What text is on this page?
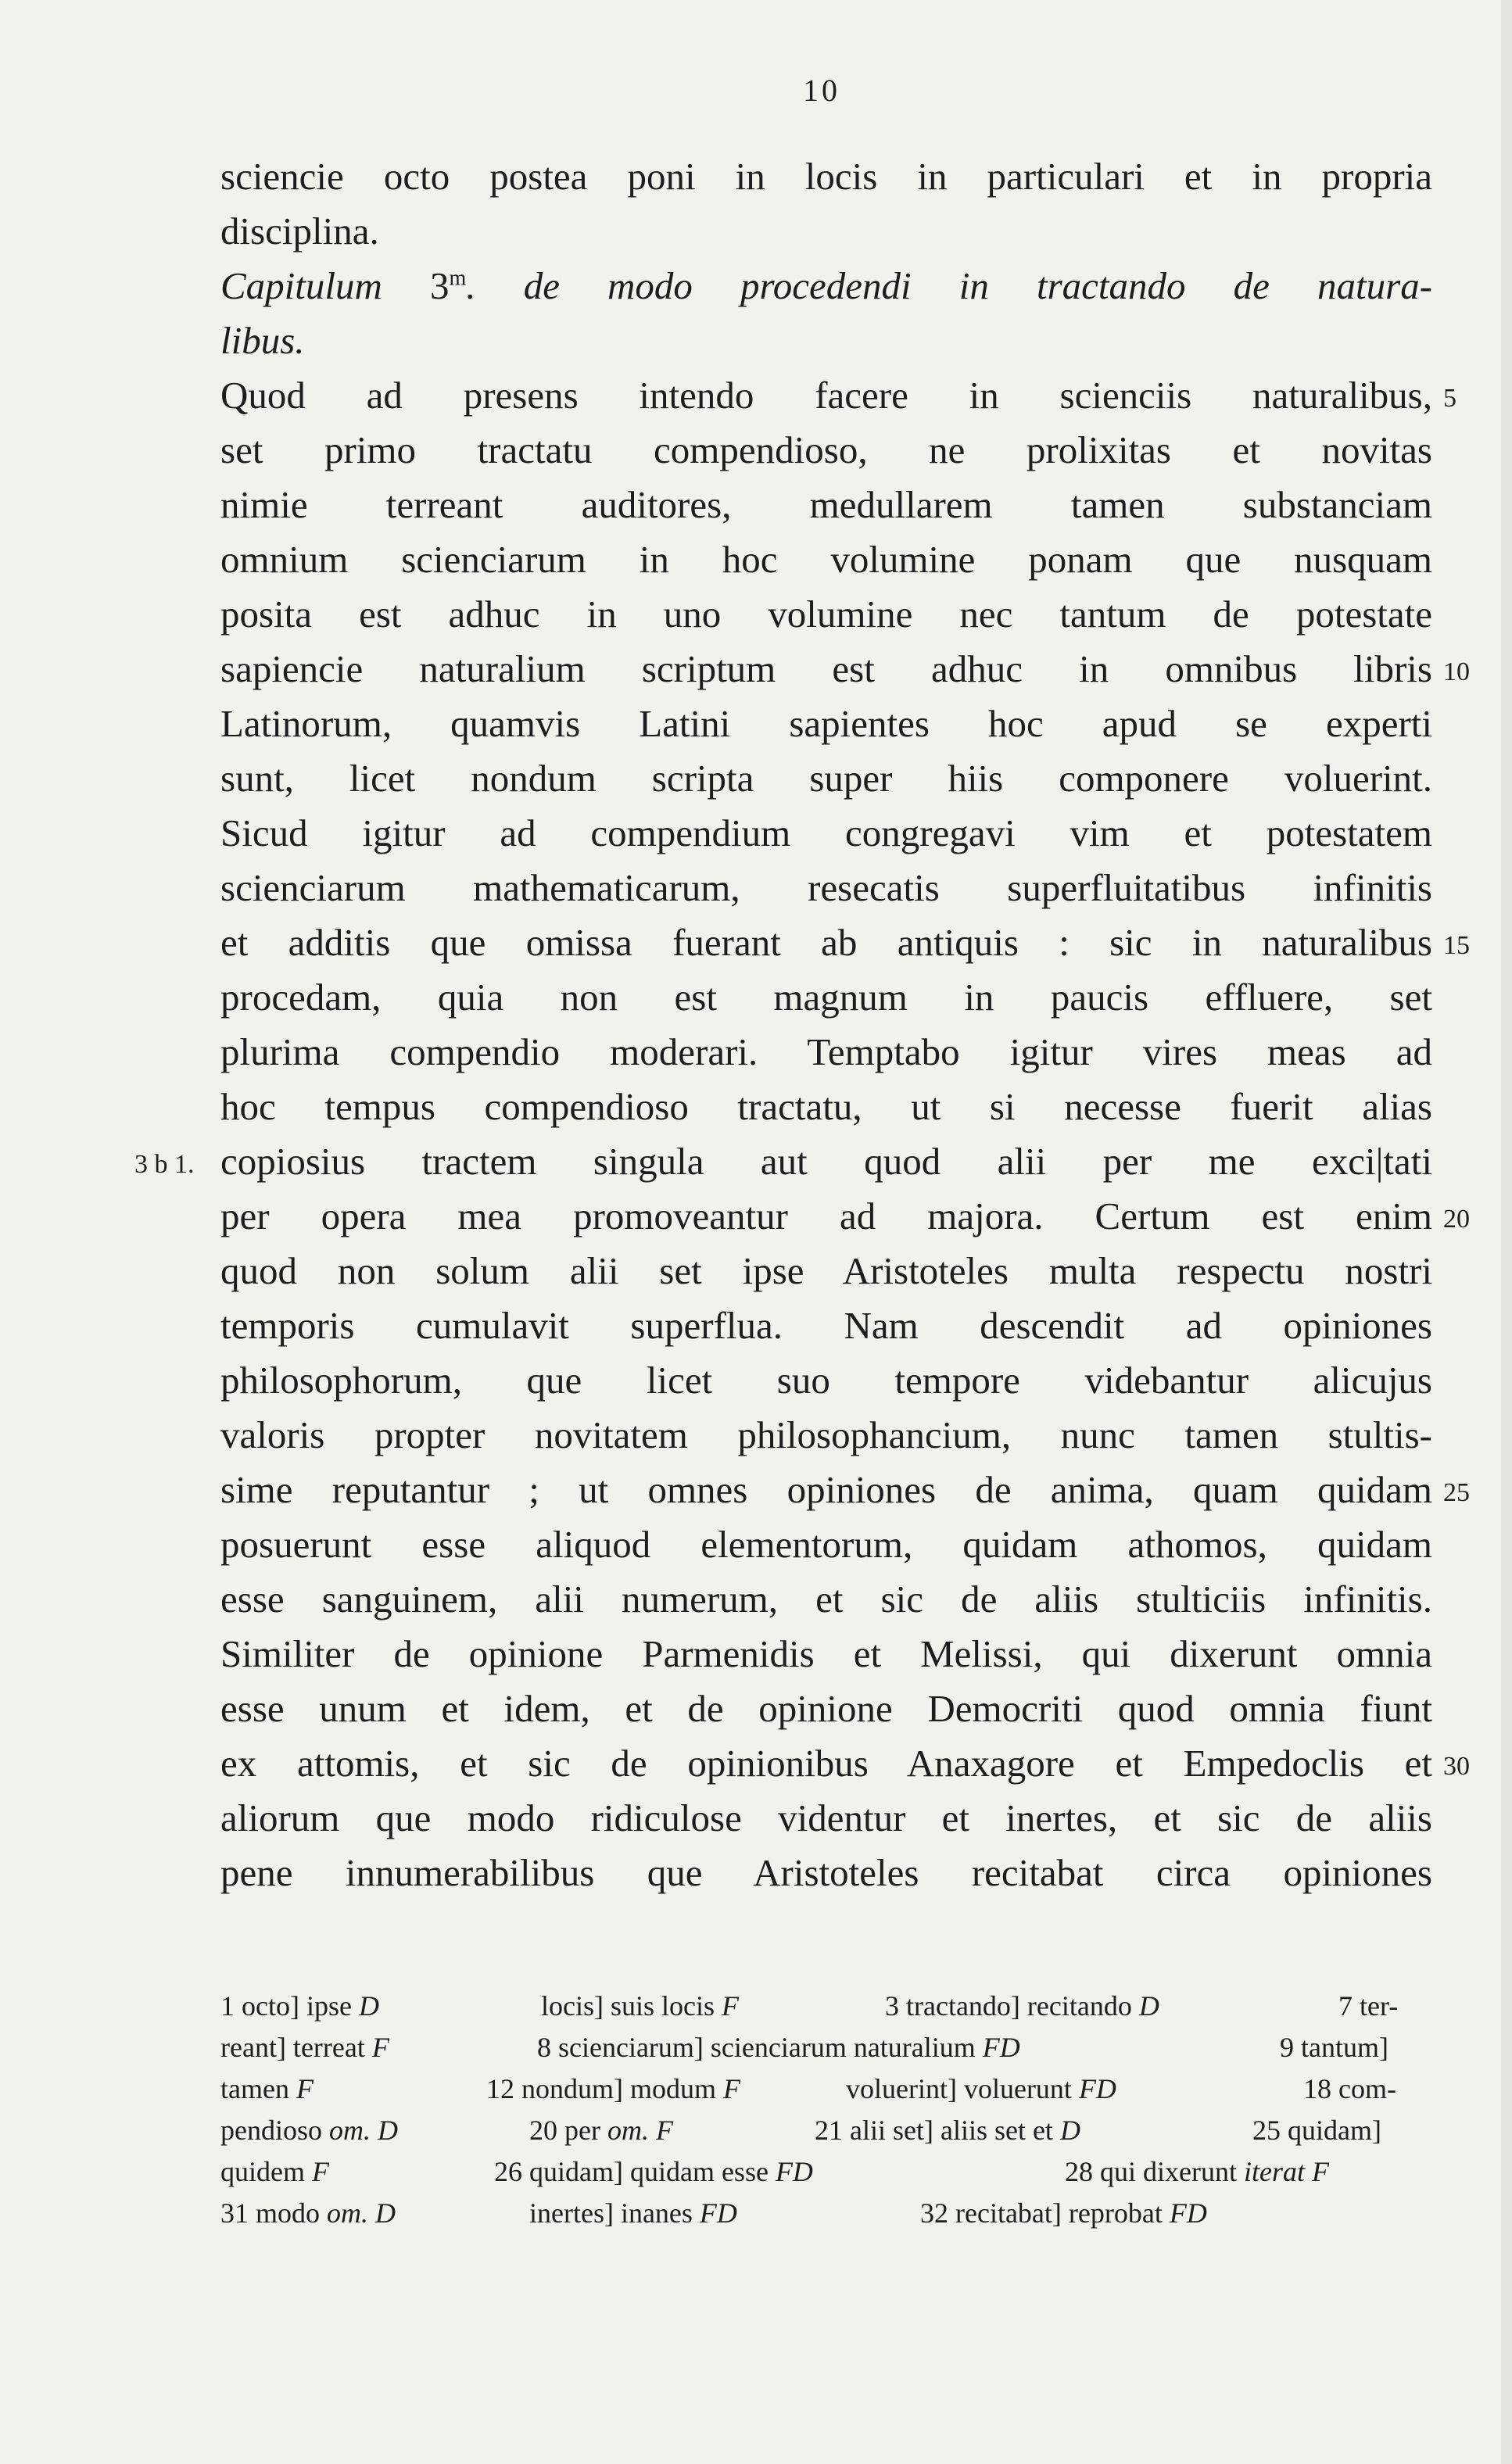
10
sciencie octo postea poni in locis in particulari et in propria
disciplina.
Capitulum 3$^m$. de modo procedendi in tractando de natura-
libus.
Quod ad presens intendo facere in scienciis naturalibus, 5
set primo tractatu compendioso, ne prolixitas et novitas
nimie terreant auditores, medullarem tamen substanciam
omnium scienciarum in hoc volumine ponam que nusquam
posita est adhuc in uno volumine nec tantum de potestate
sapiencie naturalium scriptum est adhuc in omnibus libris 10
Latinorum, quamvis Latini sapientes hoc apud se experti
sunt, licet nondum scripta super hiis componere voluerint.
Sicud igitur ad compendium congregavi vim et potestatem
scienciarum mathematicarum, resecatis superfluitatibus infinitis
et additis que omissa fuerant ab antiquis : sic in naturalibus 15
procedam, quia non est magnum in paucis effluere, set
plurima compendio moderari. Temptabo igitur vires meas ad
hoc tempus compendioso tractatu, ut si necesse fuerit alias
copiosius tractem singula aut quod alii per me exci|tati
3 b 1.
per opera mea promoveantur ad majora. Certum est enim 20
quod non solum alii set ipse Aristoteles multa respectu nostri
temporis cumulavit superflua. Nam descendit ad opiniones
philosophorum, que licet suo tempore videbantur alicujus
valoris propter novitatem philosophancium, nunc tamen stultis-
sime reputantur ; ut omnes opiniones de anima, quam quidam 25
posuerunt esse aliquod elementorum, quidam athomos, quidam
esse sanguinem, alii numerum, et sic de aliis stulticiis infinitis.
Similiter de opinione Parmenidis et Melissi, qui dixerunt omnia
esse unum et idem, et de opinione Democriti quod omnia fiunt
ex attomis, et sic de opinionibus Anaxagore et Empedoclis et 30
aliorum que modo ridiculose videntur et inertes, et sic de aliis
pene innumerabilibus que Aristoteles recitabat circa opiniones
1 octo] ipse D	locis] suis locis F	3 tractando] recitando D	7 ter-
reant] terreat F	8 scienciarum] scienciarum naturalium FD	9 tantum]
tamen F	12 nondum] modum F	voluerint] voluerunt FD	18 com-
pendioso om. D	20 per om. F	21 alii set] aliis set et D	25 quidam]
quidem F	26 quidam] quidam esse FD	28 qui dixerunt iterat F
31 modo om. D	inertes] inanes FD	32 recitabat] reprobat FD
